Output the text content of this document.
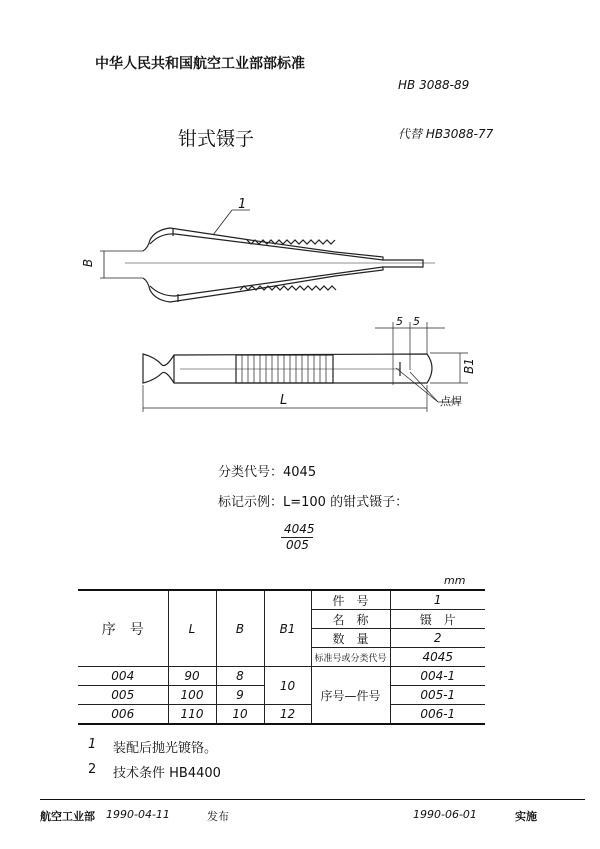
中华人民共和国航空工业部部标准
HB 3088-89
钳式镊子	代替 HB3088-77
1
B
5 5
B1
L	点焊
分类代号：4045
标记示例：L=100 的钳式镊子：
4045
005
mm
序　号	L	B	B1	件　号	1
				名　称	镊　片
				数　量	2
				标准号或分类代号	4045
004	90	8	10	序号—件号	004-1
005	100	9			005-1
006	110	10	12		006-1
1 装配后抛光镀铬。
2 技术条件 HB4400
航空工业部 1990-04-11	发布	1990-06-01	实施
